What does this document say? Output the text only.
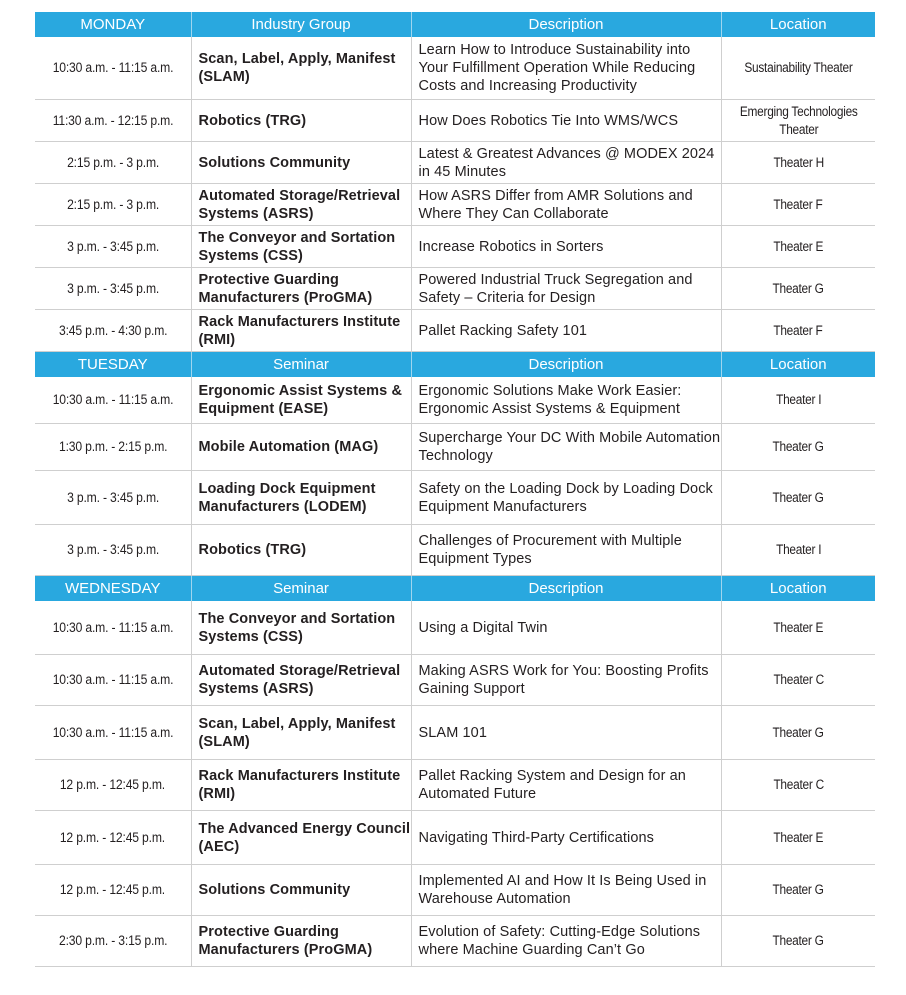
MONDAY	Industry Group	Description	Location
10:30 a.m. - 11:15 a.m.	Scan, Label, Apply, Manifest (SLAM)	Learn How to Introduce Sustainability into Your Fulfillment Operation While Reducing Costs and Increasing Productivity	Sustainability Theater
11:30 a.m. - 12:15 p.m.	Robotics (TRG)	How Does Robotics Tie Into WMS/WCS	Emerging Technologies Theater
2:15 p.m. - 3 p.m.	Solutions Community	Latest & Greatest Advances @ MODEX 2024 in 45 Minutes	Theater H
2:15 p.m. - 3 p.m.	Automated Storage/Retrieval Systems (ASRS)	How ASRS Differ from AMR Solutions and Where They Can Collaborate	Theater F
3 p.m. - 3:45 p.m.	The Conveyor and Sortation Systems (CSS)	Increase Robotics in Sorters	Theater E
3 p.m. - 3:45 p.m.	Protective Guarding Manufacturers (ProGMA)	Powered Industrial Truck Segregation and Safety – Criteria for Design	Theater G
3:45 p.m. - 4:30 p.m.	Rack Manufacturers Institute (RMI)	Pallet Racking Safety 101	Theater F
TUESDAY	Seminar	Description	Location
10:30 a.m. - 11:15 a.m.	Ergonomic Assist Systems & Equipment (EASE)	Ergonomic Solutions Make Work Easier: Ergonomic Assist Systems & Equipment	Theater I
1:30 p.m. - 2:15 p.m.	Mobile Automation (MAG)	Supercharge Your DC With Mobile Automation Technology	Theater G
3 p.m. - 3:45 p.m.	Loading Dock Equipment Manufacturers (LODEM)	Safety on the Loading Dock by Loading Dock Equipment Manufacturers	Theater G
3 p.m. - 3:45 p.m.	Robotics (TRG)	Challenges of Procurement with Multiple Equipment Types	Theater I
WEDNESDAY	Seminar	Description	Location
10:30 a.m. - 11:15 a.m.	The Conveyor and Sortation Systems (CSS)	Using a Digital Twin	Theater E
10:30 a.m. - 11:15 a.m.	Automated Storage/Retrieval Systems (ASRS)	Making ASRS Work for You: Boosting Profits Gaining Support	Theater C
10:30 a.m. - 11:15 a.m.	Scan, Label, Apply, Manifest (SLAM)	SLAM 101	Theater G
12 p.m. - 12:45 p.m.	Rack Manufacturers Institute (RMI)	Pallet Racking System and Design for an Automated Future	Theater C
12 p.m. - 12:45 p.m.	The Advanced Energy Council (AEC)	Navigating Third-Party Certifications	Theater E
12 p.m. - 12:45 p.m.	Solutions Community	Implemented AI and How It Is Being Used in Warehouse Automation	Theater G
2:30 p.m. - 3:15 p.m.	Protective Guarding Manufacturers (ProGMA)	Evolution of Safety: Cutting-Edge Solutions where Machine Guarding Can’t Go	Theater G
